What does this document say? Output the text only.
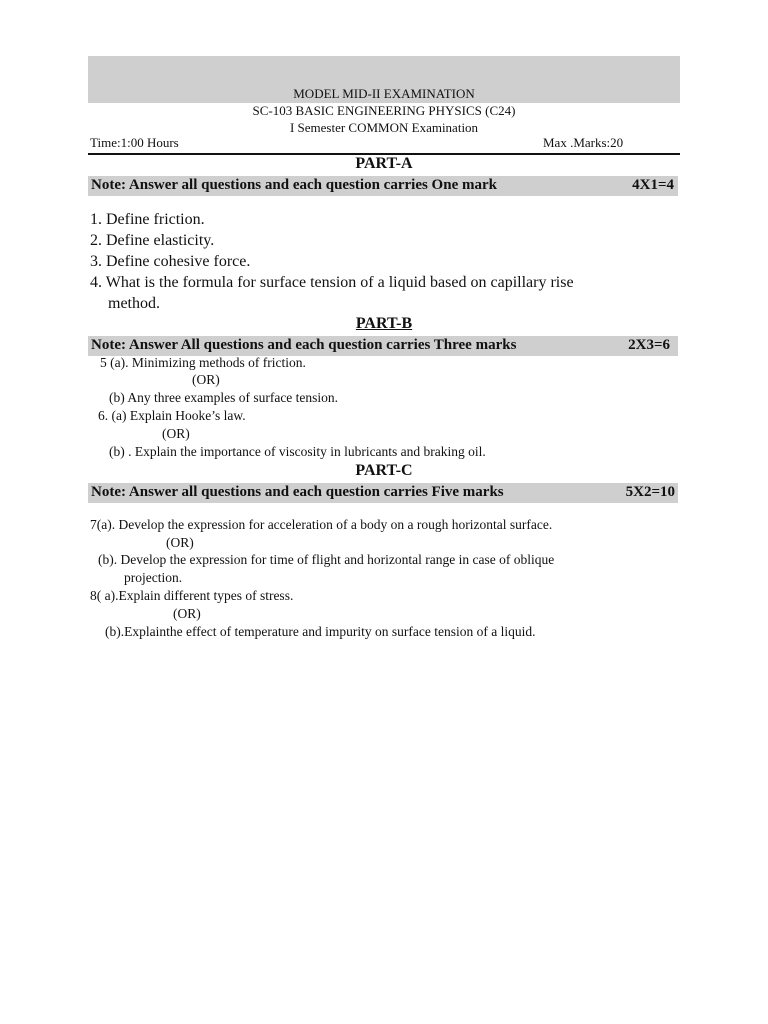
MODEL MID-II EXAMINATION
SC-103 BASIC ENGINEERING PHYSICS (C24)
I Semester COMMON Examination
Time:1:00 Hours	Max .Marks:20
PART-A
Note: Answer all questions and each question carries One mark	4X1=4
1. Define friction.
2. Define elasticity.
3. Define cohesive force.
4. What is the formula for surface tension of a liquid based on capillary rise
method.
PART-B
Note: Answer All questions and each question carries Three marks	2X3=6
5 (a). Minimizing methods of friction.
(OR)
(b) Any three examples of surface tension.
6. (a) Explain Hooke’s law.
(OR)
(b) . Explain the importance of viscosity in lubricants and braking oil.
PART-C
Note: Answer all questions and each question carries Five marks	5X2=10
7(a). Develop the expression for acceleration of a body on a rough horizontal surface.
(OR)
(b). Develop the expression for time of flight and horizontal range in case of oblique
projection.
8( a).Explain different types of stress.
(OR)
(b).Explainthe effect of temperature and impurity on surface tension of a liquid.
